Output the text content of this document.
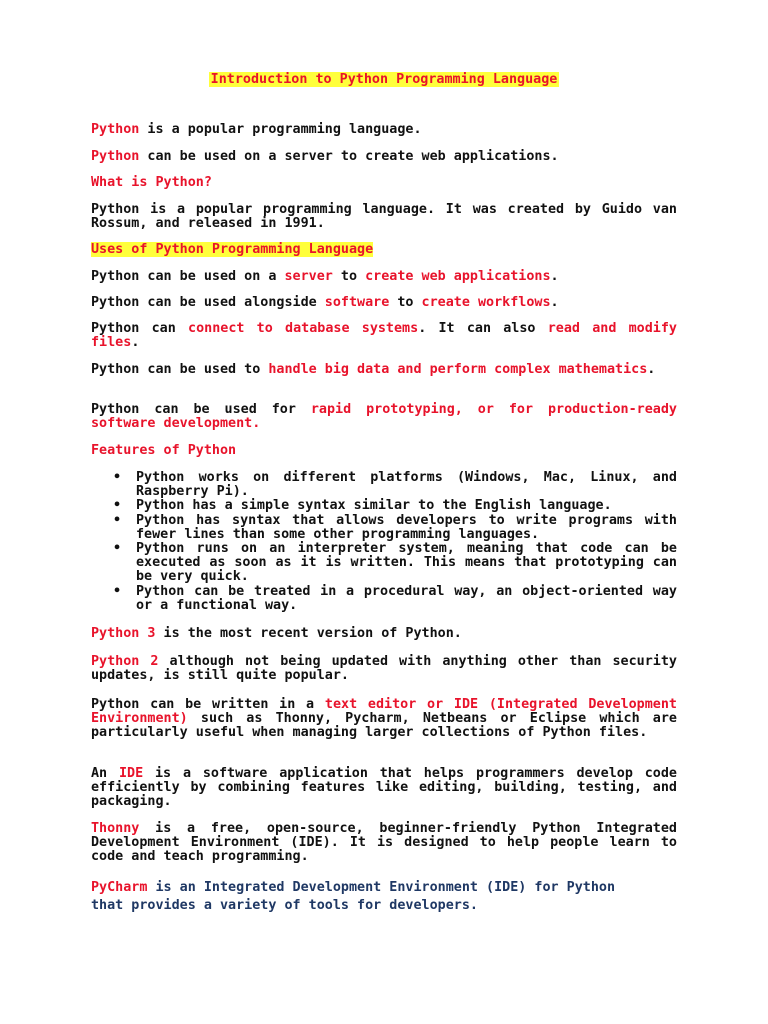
Introduction to Python Programming Language

Python is a popular programming language.

Python can be used on a server to create web applications.

What is Python?

Python is a popular programming language. It was created by Guido van Rossum, and released in 1991.

Uses of Python Programming Language

Python can be used on a server to create web applications.

Python can be used alongside software to create workflows.

Python can connect to database systems. It can also read and modify files.

Python can be used to handle big data and perform complex mathematics.

Python can be used for rapid prototyping, or for production-ready software development.

Features of Python

• Python works on different platforms (Windows, Mac, Linux, and Raspberry Pi).
• Python has a simple syntax similar to the English language.
• Python has syntax that allows developers to write programs with fewer lines than some other programming languages.
• Python runs on an interpreter system, meaning that code can be executed as soon as it is written. This means that prototyping can be very quick.
• Python can be treated in a procedural way, an object-oriented way or a functional way.

Python 3 is the most recent version of Python.

Python 2 although not being updated with anything other than security updates, is still quite popular.

Python can be written in a text editor or IDE (Integrated Development Environment) such as Thonny, Pycharm, Netbeans or Eclipse which are particularly useful when managing larger collections of Python files.

An IDE is a software application that helps programmers develop code efficiently by combining features like editing, building, testing, and packaging.

Thonny is a free, open-source, beginner-friendly Python Integrated Development Environment (IDE). It is designed to help people learn to code and teach programming.

PyCharm is an Integrated Development Environment (IDE) for Python that provides a variety of tools for developers.
